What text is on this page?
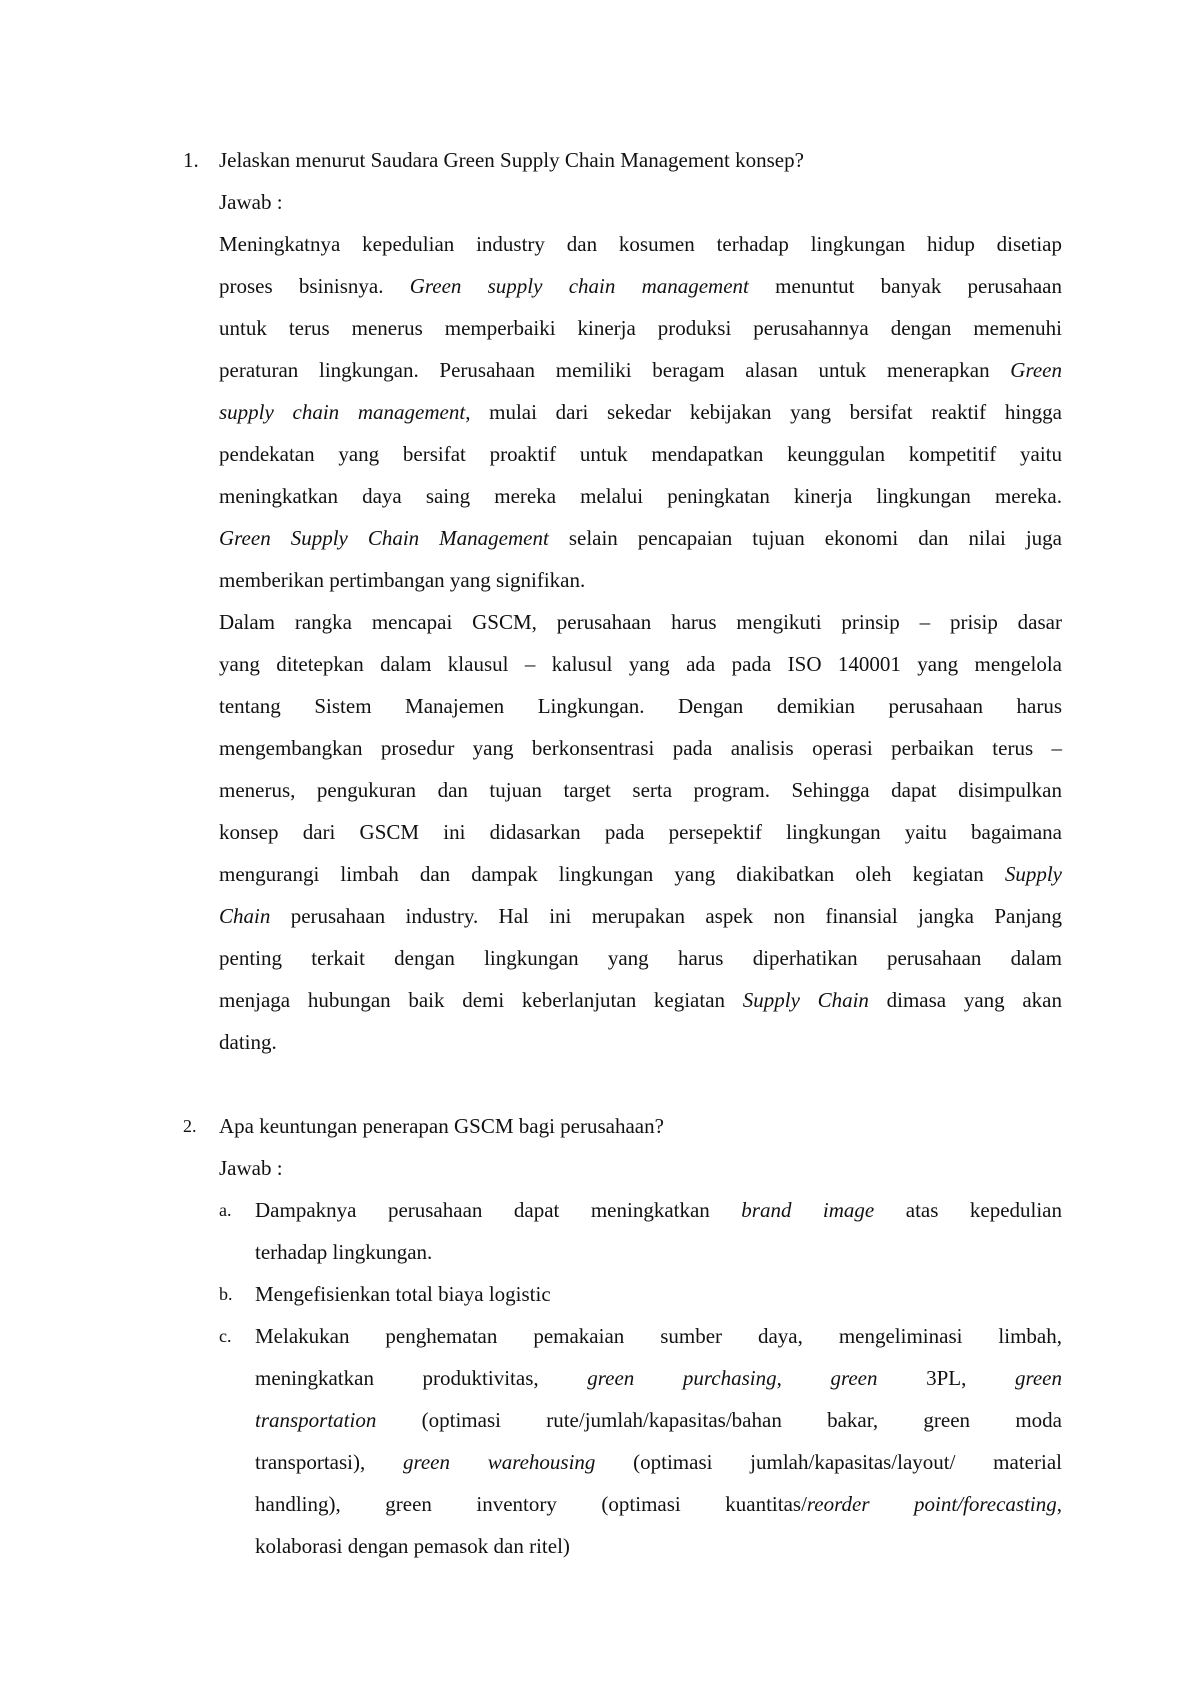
1. Jelaskan menurut Saudara Green Supply Chain Management konsep?

Jawab :

Meningkatnya kepedulian industry dan kosumen terhadap lingkungan hidup disetiap

proses bsinisnya. Green supply chain management menuntut banyak perusahaan

untuk terus menerus memperbaiki kinerja produksi perusahannya dengan memenuhi

peraturan lingkungan. Perusahaan memiliki beragam alasan untuk menerapkan Green

supply chain management, mulai dari sekedar kebijakan yang bersifat reaktif hingga

pendekatan yang bersifat proaktif untuk mendapatkan keunggulan kompetitif yaitu

meningkatkan daya saing mereka melalui peningkatan kinerja lingkungan mereka.

Green Supply Chain Management selain pencapaian tujuan ekonomi dan nilai juga

memberikan pertimbangan yang signifikan.

Dalam rangka mencapai GSCM, perusahaan harus mengikuti prinsip – prisip dasar

yang ditetepkan dalam klausul – kalusul yang ada pada ISO 140001 yang mengelola

tentang Sistem Manajemen Lingkungan. Dengan demikian perusahaan harus

mengembangkan prosedur yang berkonsentrasi pada analisis operasi perbaikan terus –

menerus, pengukuran dan tujuan target serta program. Sehingga dapat disimpulkan

konsep dari GSCM ini didasarkan pada persepektif lingkungan yaitu bagaimana

mengurangi limbah dan dampak lingkungan yang diakibatkan oleh kegiatan Supply

Chain perusahaan industry. Hal ini merupakan aspek non finansial jangka Panjang

penting terkait dengan lingkungan yang harus diperhatikan perusahaan dalam

menjaga hubungan baik demi keberlanjutan kegiatan Supply Chain dimasa yang akan

dating.

2. Apa keuntungan penerapan GSCM bagi perusahaan?

Jawab :

a. Dampaknya perusahaan dapat meningkatkan brand image atas kepedulian

terhadap lingkungan.

b. Mengefisienkan total biaya logistic

c. Melakukan penghematan pemakaian sumber daya, mengeliminasi limbah,

meningkatkan produktivitas, green purchasing, green 3PL, green

transportation (optimasi rute/jumlah/kapasitas/bahan bakar, green moda

transportasi), green warehousing (optimasi jumlah/kapasitas/layout/ material

handling), green inventory (optimasi kuantitas/reorder point/forecasting,

kolaborasi dengan pemasok dan ritel)
